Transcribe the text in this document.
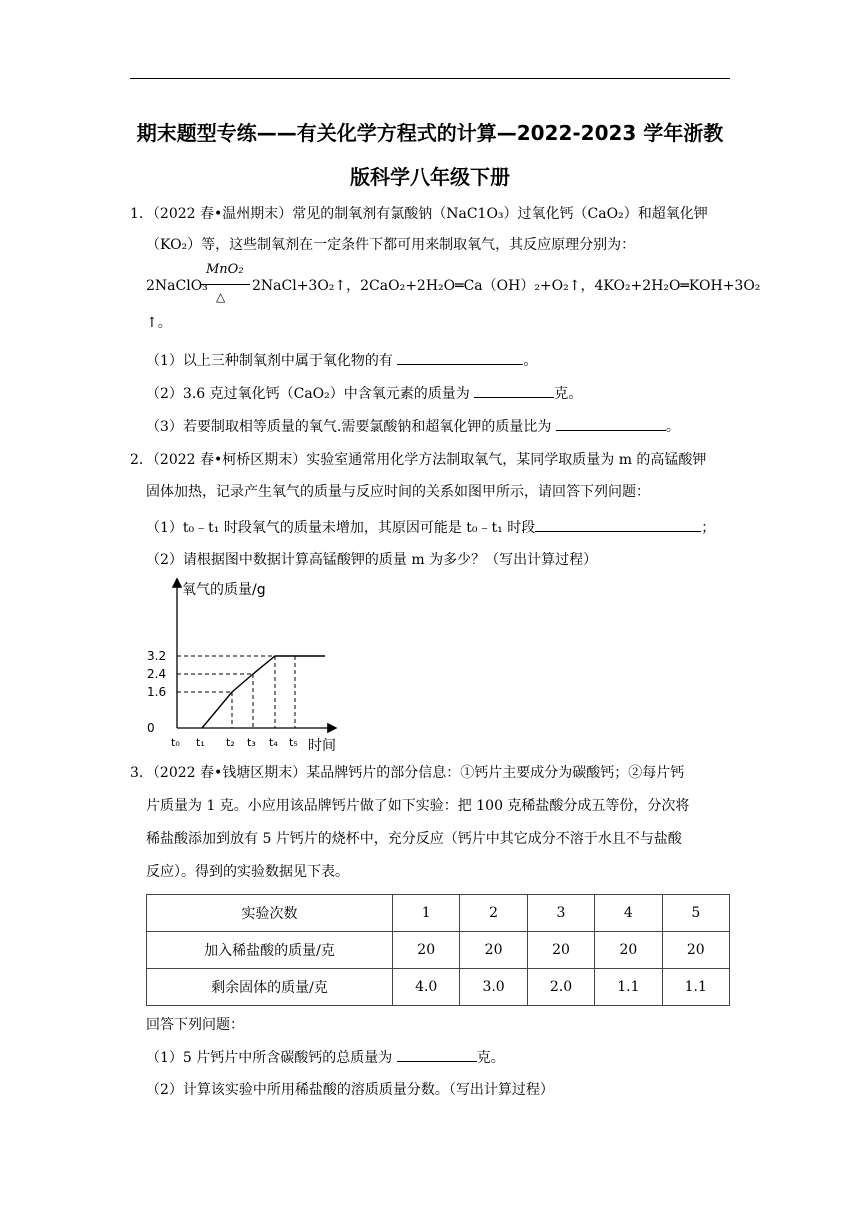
期末题型专练——有关化学方程式的计算—2022-2023 学年浙教
版科学八年级下册
1．（2022 春•温州期末）常见的制氧剂有氯酸钠（NaC1O₃）过氧化钙（CaO₂）和超氧化钾
（KO₂）等，这些制氧剂在一定条件下都可用来制取氧气，其反应原理分别为：
MnO₂
△
2NaClO₃	2NaCl+3O₂↑，2CaO₂+2H₂O═Ca（OH）₂+O₂↑，4KO₂+2H₂O═KOH+3O₂
↑。
（1）以上三种制氧剂中属于氧化物的有	。
（2）3.6 克过氧化钙（CaO₂）中含氧元素的质量为	克。
（3）若要制取相等质量的氧气.需要氯酸钠和超氧化钾的质量比为	。
2．（2022 春•柯桥区期末）实验室通常用化学方法制取氧气，某同学取质量为 m 的高锰酸钾
固体加热，记录产生氧气的质量与反应时间的关系如图甲所示，请回答下列问题：
（1）t₀﹣t₁ 时段氧气的质量未增加，其原因可能是 t₀﹣t₁ 时段	；
（2）请根据图中数据计算高锰酸钾的质量 m 为多少？（写出计算过程）
氧气的质量/g
时间
t₀ t₁ t₂ t₃ t₄ t₅
3.2
2.4
1.6
0
3．（2022 春•钱塘区期末）某品牌钙片的部分信息：①钙片主要成分为碳酸钙；②每片钙
片质量为 1 克。小应用该品牌钙片做了如下实验：把 100 克稀盐酸分成五等份，分次将
稀盐酸添加到放有 5 片钙片的烧杯中，充分反应（钙片中其它成分不溶于水且不与盐酸
反应）。得到的实验数据见下表。
实验次数	1	2	3	4	5
加入稀盐酸的质量/克	20	20	20	20	20
剩余固体的质量/克	4.0	3.0	2.0	1.1	1.1
回答下列问题：
（1）5 片钙片中所含碳酸钙的总质量为	克。
（2）计算该实验中所用稀盐酸的溶质质量分数。（写出计算过程）
